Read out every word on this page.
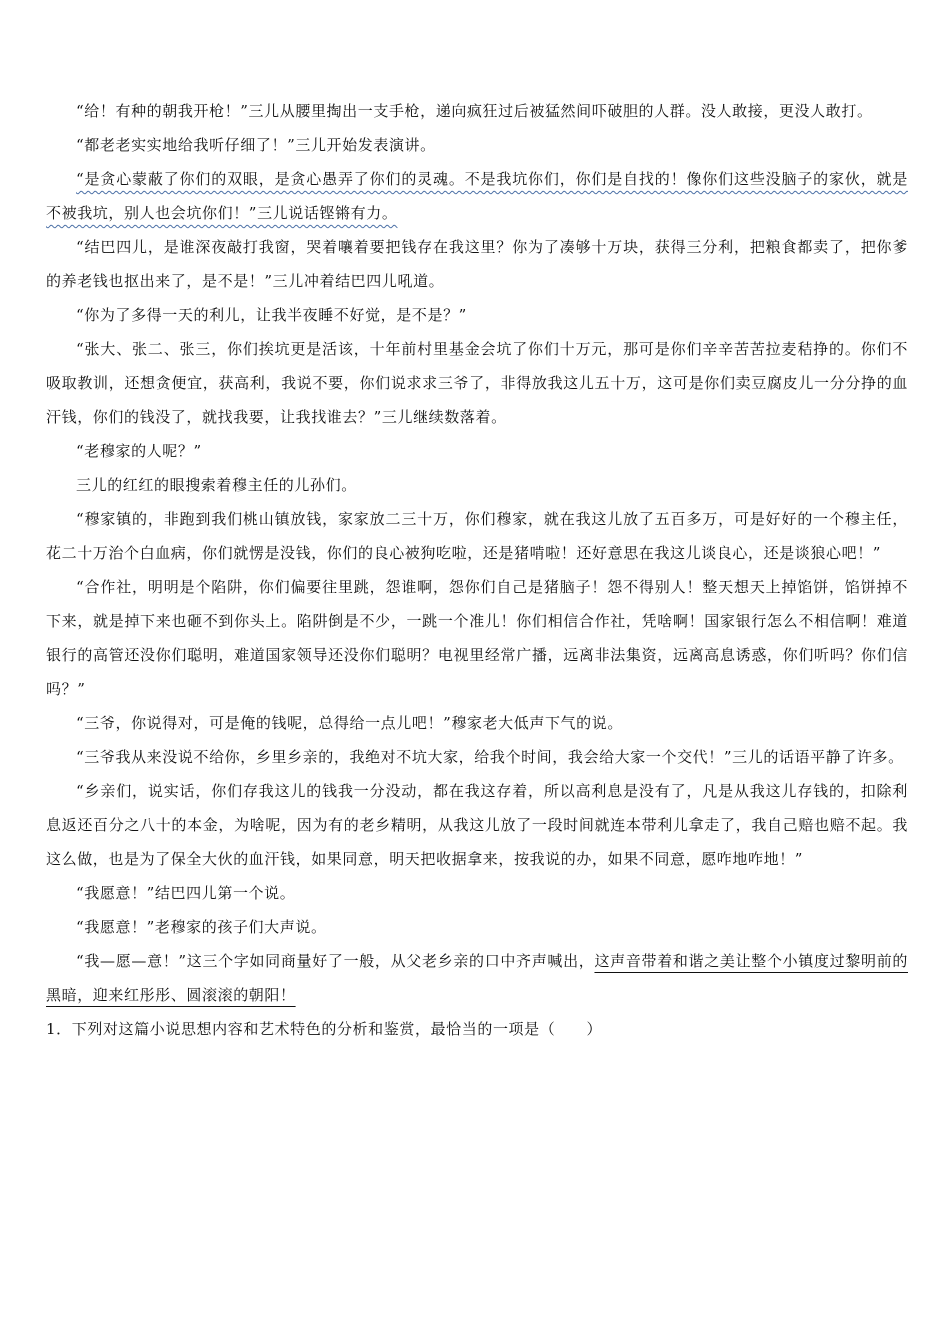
“给！有种的朝我开枪！”三儿从腰里掏出一支手枪，递向疯狂过后被猛然间吓破胆的人群。没人敢接，更没人敢打。

“都老老实实地给我听仔细了！”三儿开始发表演讲。

“是贪心蒙蔽了你们的双眼，是贪心愚弄了你们的灵魂。不是我坑你们，你们是自找的！像你们这些没脑子的家伙，就是不被我坑，别人也会坑你们！”三儿说话铿锵有力。

“结巴四儿，是谁深夜敲打我窗，哭着嚷着要把钱存在我这里？你为了凑够十万块，获得三分利，把粮食都卖了，把你爹的养老钱也抠出来了，是不是！”三儿冲着结巴四儿吼道。

“你为了多得一天的利儿，让我半夜睡不好觉，是不是？”

“张大、张二、张三，你们挨坑更是活该，十年前村里基金会坑了你们十万元，那可是你们辛辛苦苦拉麦秸挣的。你们不吸取教训，还想贪便宜，获高利，我说不要，你们说求求三爷了，非得放我这儿五十万，这可是你们卖豆腐皮儿一分分挣的血汗钱，你们的钱没了，就找我要，让我找谁去？”三儿继续数落着。

“老穆家的人呢？”

三儿的红红的眼搜索着穆主任的儿孙们。

“穆家镇的，非跑到我们桃山镇放钱，家家放二三十万，你们穆家，就在我这儿放了五百多万，可是好好的一个穆主任，花二十万治个白血病，你们就愣是没钱，你们的良心被狗吃啦，还是猪啃啦！还好意思在我这儿谈良心，还是谈狼心吧！”

“合作社，明明是个陷阱，你们偏要往里跳，怨谁啊，怨你们自己是猪脑子！怨不得别人！整天想天上掉馅饼，馅饼掉不下来，就是掉下来也砸不到你头上。陷阱倒是不少，一跳一个准儿！你们相信合作社，凭啥啊！国家银行怎么不相信啊！难道银行的高管还没你们聪明，难道国家领导还没你们聪明？电视里经常广播，远离非法集资，远离高息诱惑，你们听吗？你们信吗？”

“三爷，你说得对，可是俺的钱呢，总得给一点儿吧！”穆家老大低声下气的说。

“三爷我从来没说不给你，乡里乡亲的，我绝对不坑大家，给我个时间，我会给大家一个交代！”三儿的话语平静了许多。

“乡亲们，说实话，你们存我这儿的钱我一分没动，都在我这存着，所以高利息是没有了，凡是从我这儿存钱的，扣除利息返还百分之八十的本金，为啥呢，因为有的老乡精明，从我这儿放了一段时间就连本带利儿拿走了，我自己赔也赔不起。我这么做，也是为了保全大伙的血汗钱，如果同意，明天把收据拿来，按我说的办，如果不同意，愿咋地咋地！”

“我愿意！”结巴四儿第一个说。

“我愿意！”老穆家的孩子们大声说。

“我—愿—意！”这三个字如同商量好了一般，从父老乡亲的口中齐声喊出，这声音带着和谐之美让整个小镇度过黎明前的黑暗，迎来红彤彤、圆滚滚的朝阳！

1．下列对这篇小说思想内容和艺术特色的分析和鉴赏，最恰当的一项是（　　）
